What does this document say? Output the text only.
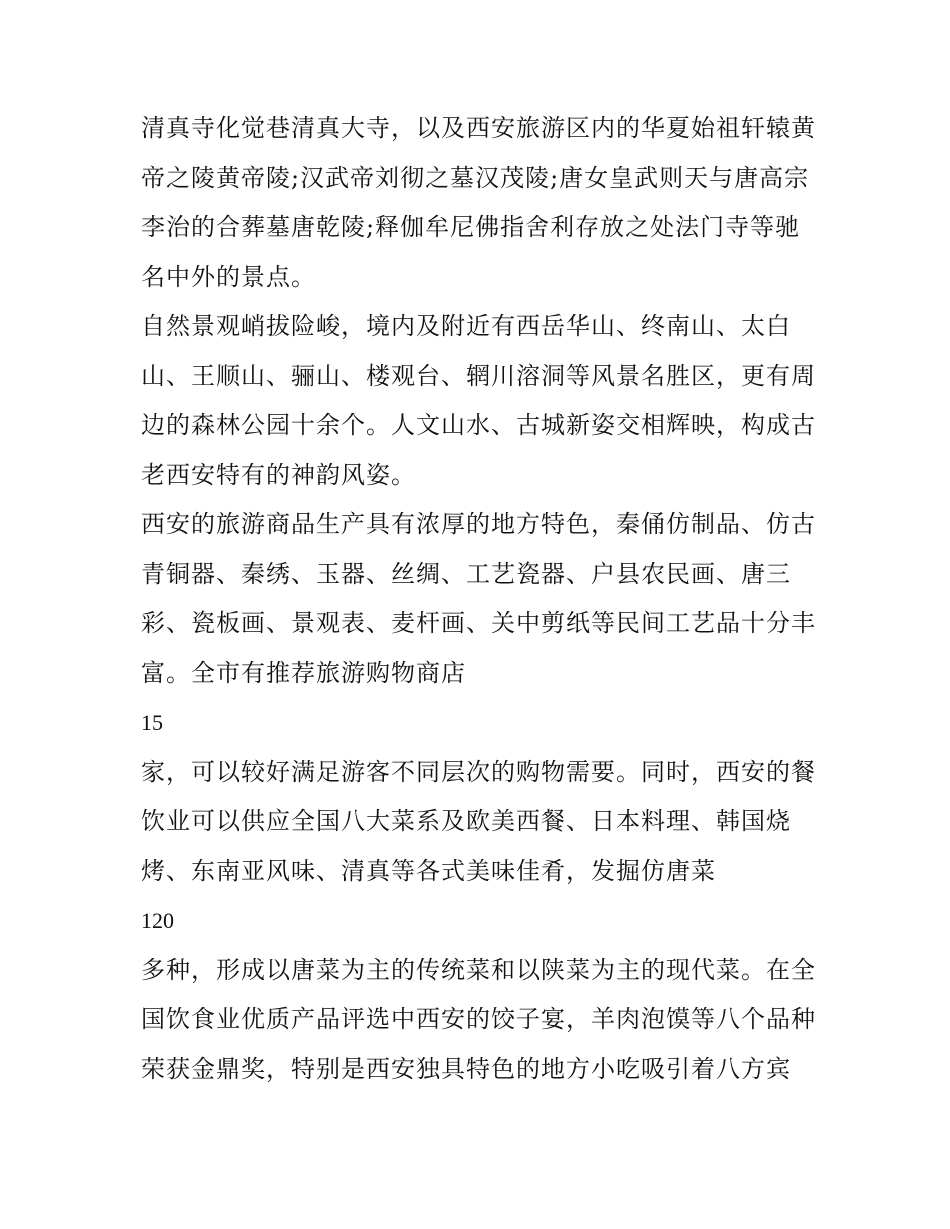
清真寺化觉巷清真大寺，以及西安旅游区内的华夏始祖轩辕黄
帝之陵黄帝陵;汉武帝刘彻之墓汉茂陵;唐女皇武则天与唐高宗
李治的合葬墓唐乾陵;释伽牟尼佛指舍利存放之处法门寺等驰
名中外的景点。
自然景观峭拔险峻，境内及附近有西岳华山、终南山、太白
山、王顺山、骊山、楼观台、辋川溶洞等风景名胜区，更有周
边的森林公园十余个。人文山水、古城新姿交相辉映，构成古
老西安特有的神韵风姿。
西安的旅游商品生产具有浓厚的地方特色，秦俑仿制品、仿古
青铜器、秦绣、玉器、丝绸、工艺瓷器、户县农民画、唐三
彩、瓷板画、景观表、麦杆画、关中剪纸等民间工艺品十分丰
富。全市有推荐旅游购物商店
15
家，可以较好满足游客不同层次的购物需要。同时，西安的餐
饮业可以供应全国八大菜系及欧美西餐、日本料理、韩国烧
烤、东南亚风味、清真等各式美味佳肴，发掘仿唐菜
120
多种，形成以唐菜为主的传统菜和以陕菜为主的现代菜。在全
国饮食业优质产品评选中西安的饺子宴，羊肉泡馍等八个品种
荣获金鼎奖，特别是西安独具特色的地方小吃吸引着八方宾
